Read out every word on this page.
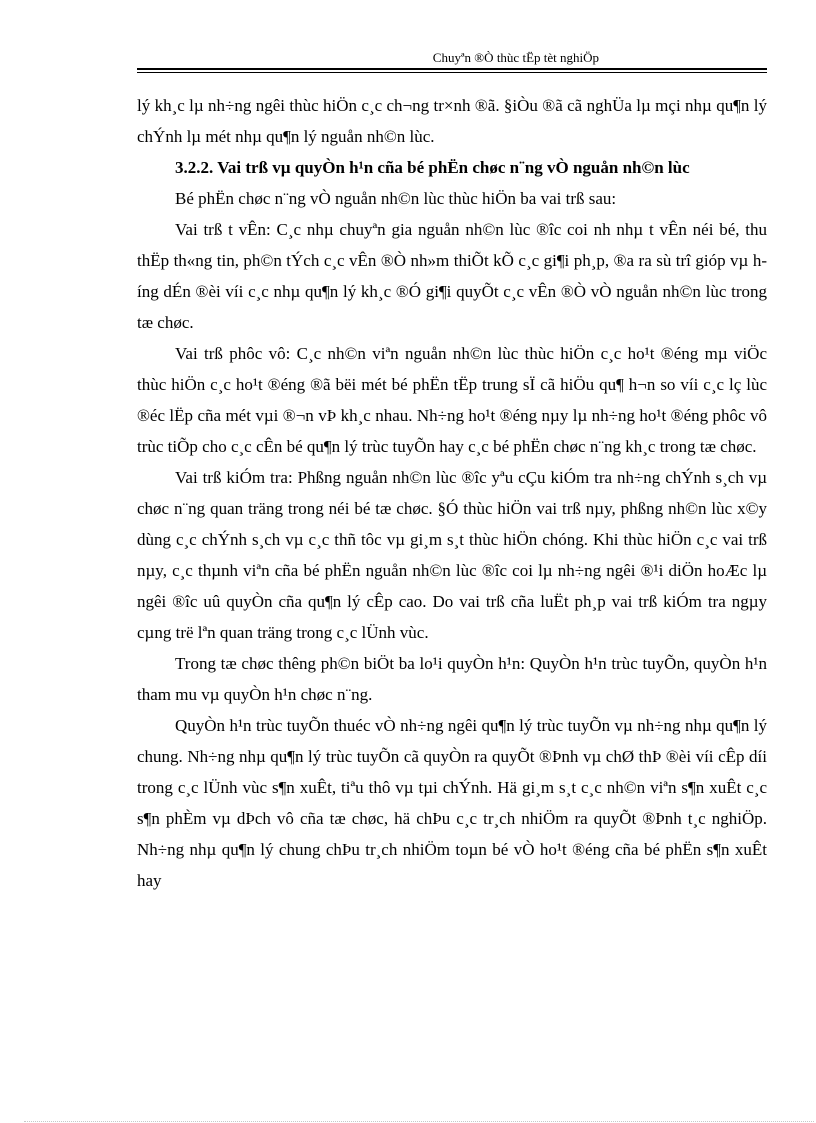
Chuyªn ®Ò thùc tËp tèt nghiÖp

lý kh¸c lµ nh÷ng ngêi thùc hiÖn c¸c ch¬ng tr×nh ®ã. §iÒu ®ã cã nghÜa lµ mçi nhµ qu¶n lý chÝnh lµ mét nhµ qu¶n lý nguån nh©n lùc.

3.2.2. Vai trß vµ quyÒn h¹n cña bé phËn chøc n¨ng vÒ nguån nh©n lùc

Bé phËn chøc n¨ng vÒ nguån nh©n lùc thùc hiÖn ba vai trß sau:

Vai trß t vÊn: C¸c nhµ chuyªn gia nguån nh©n lùc ®îc coi nh nhµ t vÊn néi bé, thu thËp th«ng tin, ph©n tÝch c¸c vÊn ®Ò nh»m thiÕt kÕ c¸c gi¶i ph¸p, ®a ra sù trî gióp vµ híng dÉn ®èi víi c¸c nhµ qu¶n lý kh¸c ®Ó gi¶i quyÕt c¸c vÊn ®Ò vÒ nguån nh©n lùc trong tæ chøc.

Vai trß phôc vô: C¸c nh©n viªn nguån nh©n lùc thùc hiÖn c¸c ho¹t ®éng mµ viÖc thùc hiÖn c¸c ho¹t ®éng ®ã bëi mét bé phËn tËp trung sÏ cã hiÖu qu¶ h¬n so víi c¸c lç lùc ®éc lËp cña mét vµi ®¬n vÞ kh¸c nhau. Nh÷ng ho¹t ®éng nµy lµ nh÷ng ho¹t ®éng phôc vô trùc tiÕp cho c¸c cÊn bé qu¶n lý trùc tuyÕn hay c¸c bé phËn chøc n¨ng kh¸c trong tæ chøc.

Vai trß kiÓm tra: Phßng nguån nh©n lùc ®îc yªu cÇu kiÓm tra nh÷ng chÝnh s¸ch vµ chøc n¨ng quan träng trong néi bé tæ chøc. §Ó thùc hiÖn vai trß nµy, phßng nh©n lùc x©y dùng c¸c chÝnh s¸ch vµ c¸c thñ tôc vµ gi¸m s¸t thùc hiÖn chóng. Khi thùc hiÖn c¸c vai trß nµy, c¸c thµnh viªn cña bé phËn nguån nh©n lùc ®îc coi lµ nh÷ng ngêi ®¹i diÖn hoÆc lµ ngêi ®îc uû quyÒn cña qu¶n lý cÊp cao. Do vai trß cña luËt ph¸p vai trß kiÓm tra ngµy cµng trë lªn quan träng trong c¸c lÜnh vùc.

Trong tæ chøc thêng ph©n biÖt ba lo¹i quyÒn h¹n: QuyÒn h¹n trùc tuyÕn, quyÒn h¹n tham mu vµ quyÒn h¹n chøc n¨ng.

QuyÒn h¹n trùc tuyÕn thuéc vÒ nh÷ng ngêi qu¶n lý trùc tuyÕn vµ nh÷ng nhµ qu¶n lý chung. Nh÷ng nhµ qu¶n lý trùc tuyÕn cã quyÒn ra quyÕt ®Þnh vµ chØ thÞ ®èi víi cÊp díi trong c¸c lÜnh vùc s¶n xuÊt, tiªu thô vµ tµi chÝnh. Hä gi¸m s¸t c¸c nh©n viªn s¶n xuÊt c¸c s¶n phÈm vµ dÞch vô cña tæ chøc, hä chÞu c¸c tr¸ch nhiÖm ra quyÕt ®Þnh t¸c nghiÖp. Nh÷ng nhµ qu¶n lý chung chÞu tr¸ch nhiÖm toµn bé vÒ ho¹t ®éng cña bé phËn s¶n xuÊt hay
